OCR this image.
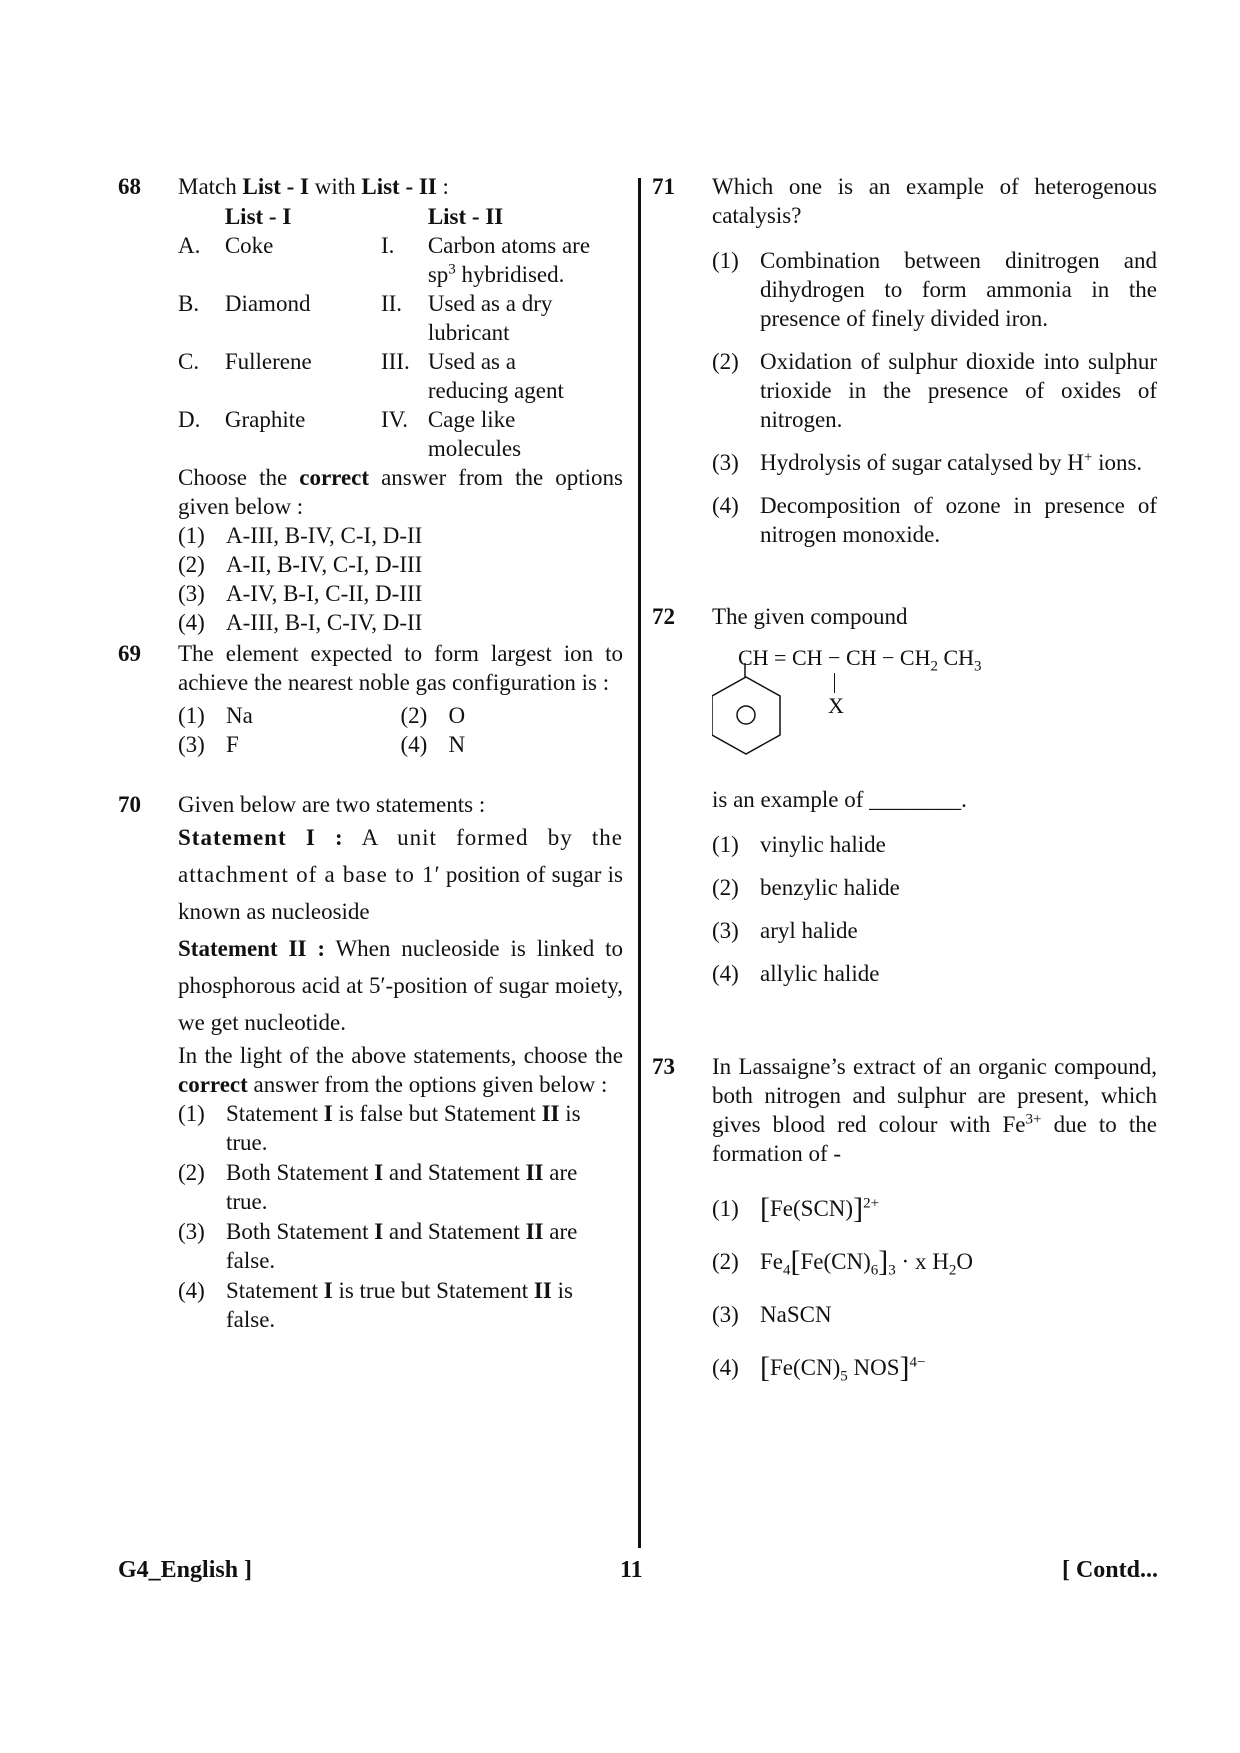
68 Match List - I with List - II :
List - I	List - II
A.	Coke	I.	Carbon atoms are
$sp^3$ hybridised.
B.	Diamond	II.	Used as a dry
lubricant
C.	Fullerene	III. Used as a
reducing agent
D.	Graphite	IV. Cage like
molecules
Choose the correct answer from the options given below :
(1) A-III, B-IV, C-I, D-II
(2) A-II, B-IV, C-I, D-III
(3) A-IV, B-I, C-II, D-III
(4) A-III, B-I, C-IV, D-II
69 The element expected to form largest ion to achieve the nearest noble gas configuration is :
(1) Na	(2) O
(3) F	(4) N
70 Given below are two statements :
Statement I : A unit formed by the attachment of a base to 1′ position of sugar is known as nucleoside
Statement II : When nucleoside is linked to phosphorous acid at 5′-position of sugar moiety, we get nucleotide.
In the light of the above statements, choose the correct answer from the options given below :
(1) Statement I is false but Statement II is true.
(2) Both Statement I and Statement II are true.
(3) Both Statement I and Statement II are false.
(4) Statement I is true but Statement II is false.
71 Which one is an example of heterogenous catalysis?
(1) Combination between dinitrogen and dihydrogen to form ammonia in the presence of finely divided iron.
(2) Oxidation of sulphur dioxide into sulphur trioxide in the presence of oxides of nitrogen.
(3) Hydrolysis of sugar catalysed by H+ ions.
(4) Decomposition of ozone in presence of nitrogen monoxide.
72 The given compound
CH = CH − CH − $CH_2$ $CH_3$
X
is an example of ________.
(1) vinylic halide
(2) benzylic halide
(3) aryl halide
(4) allylic halide
73 In Lassaigne’s extract of an organic compound, both nitrogen and sulphur are present, which gives blood red colour with $Fe^{3+}$ due to the formation of -
(1) $[Fe(SCN)]^{2+}$
(2) $Fe_4[Fe(CN)_6]_3 \cdot x$ $H_2O$
(3) NaSCN
(4) [$Fe(CN)_5$ NOS]$^{4-}$
G4_English ]	11	[ Contd...
